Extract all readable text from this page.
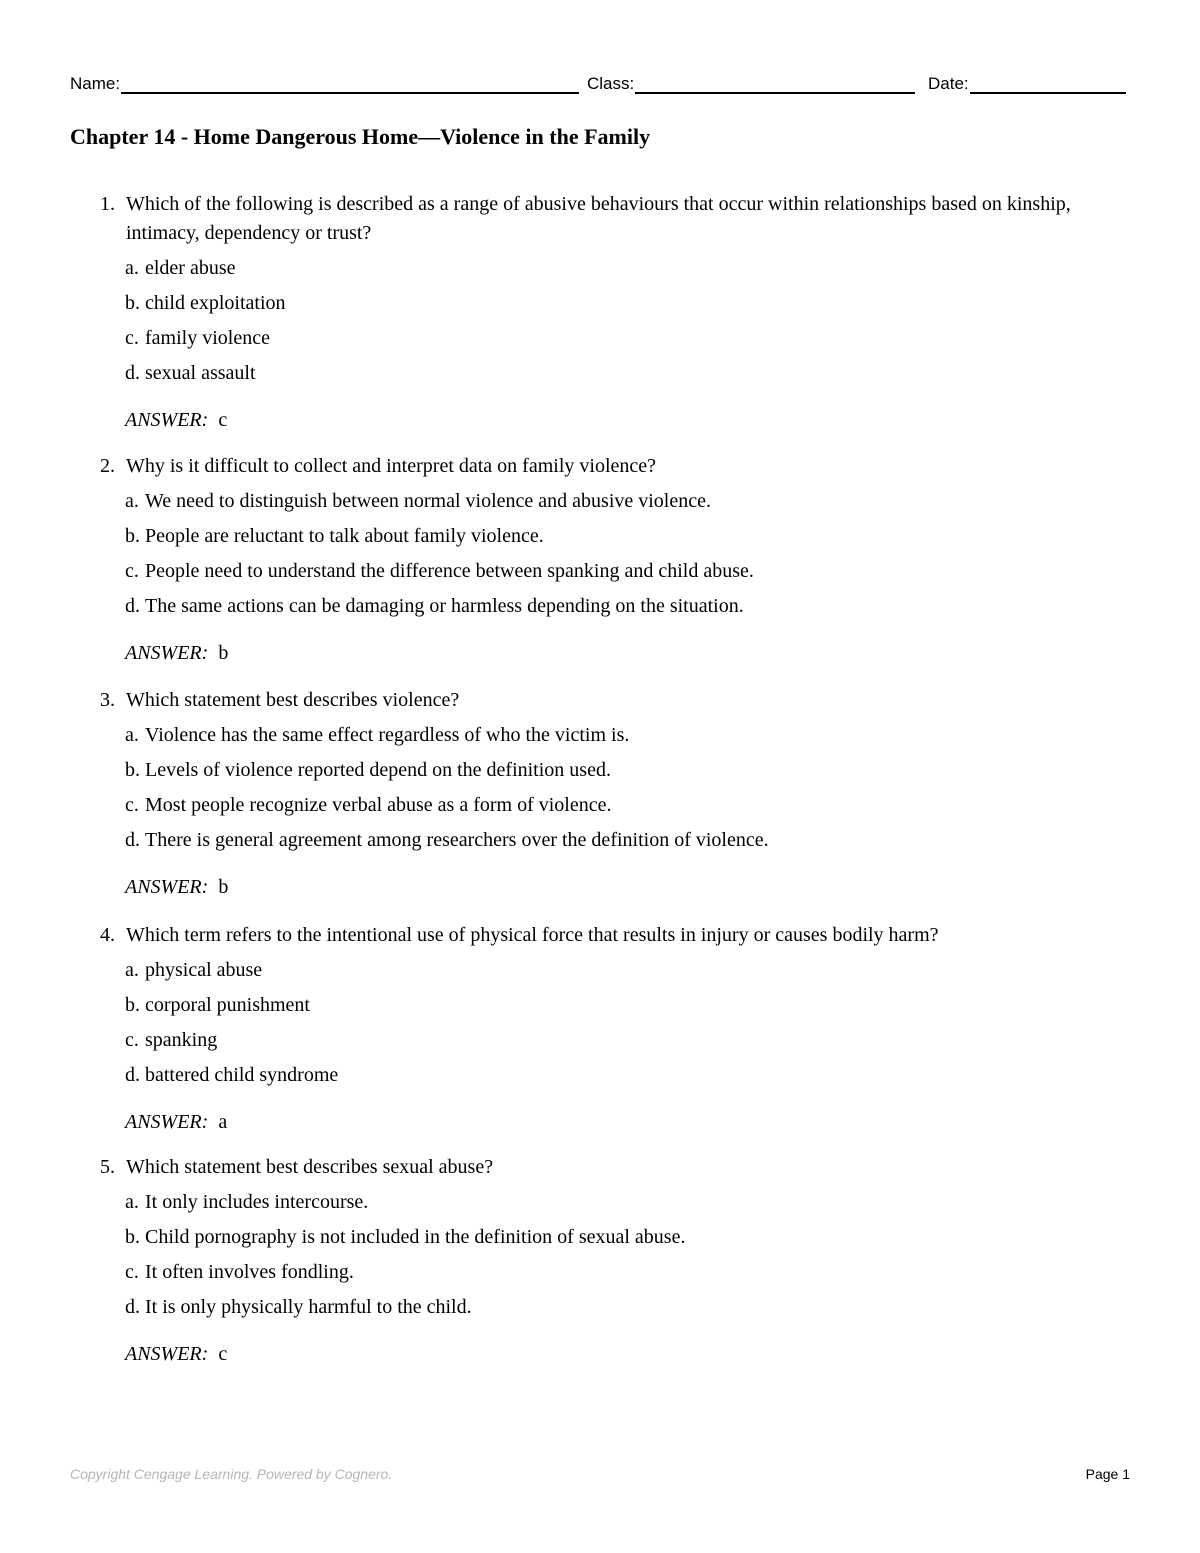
Name:	Class:	Date:
Chapter 14 - Home Dangerous Home—Violence in the Family
1. Which of the following is described as a range of abusive behaviours that occur within relationships based on kinship, intimacy, dependency or trust?
a. elder abuse
b. child exploitation
c. family violence
d. sexual assault
ANSWER: c
2. Why is it difficult to collect and interpret data on family violence?
a. We need to distinguish between normal violence and abusive violence.
b. People are reluctant to talk about family violence.
c. People need to understand the difference between spanking and child abuse.
d. The same actions can be damaging or harmless depending on the situation.
ANSWER: b
3. Which statement best describes violence?
a. Violence has the same effect regardless of who the victim is.
b. Levels of violence reported depend on the definition used.
c. Most people recognize verbal abuse as a form of violence.
d. There is general agreement among researchers over the definition of violence.
ANSWER: b
4. Which term refers to the intentional use of physical force that results in injury or causes bodily harm?
a. physical abuse
b. corporal punishment
c. spanking
d. battered child syndrome
ANSWER: a
5. Which statement best describes sexual abuse?
a. It only includes intercourse.
b. Child pornography is not included in the definition of sexual abuse.
c. It often involves fondling.
d. It is only physically harmful to the child.
ANSWER: c
Copyright Cengage Learning. Powered by Cognero.	Page 1
